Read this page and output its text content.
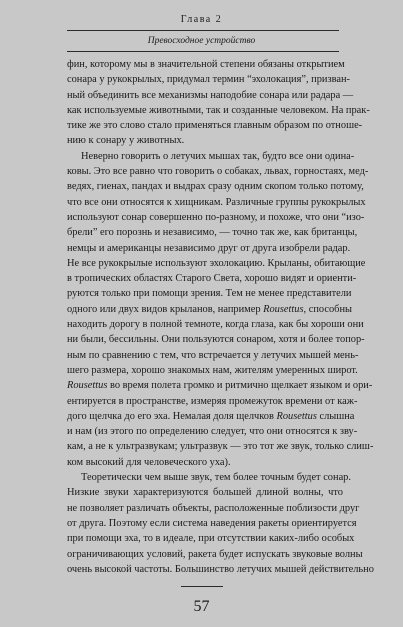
Глава 2
Превосходное устройство
фин, которому мы в значительной степени обязаны открытием
сонара у рукокрылых, придумал термин “эхолокация”, призван-
ный объединить все механизмы наподобие сонара или радара —
как используемые животными, так и созданные человеком. На прак-
тике же это слово стало применяться главным образом по отноше-
нию к сонару у животных.
Неверно говорить о летучих мышах так, будто все они одина-
ковы. Это все равно что говорить о собаках, львах, горностаях, мед-
ведях, гиенах, пандах и выдрах сразу одним скопом только потому,
что все они относятся к хищникам. Различные группы рукокрылых
используют сонар совершенно по-разному, и похоже, что они “изо-
брели” его порознь и независимо, — точно так же, как британцы,
немцы и американцы независимо друг от друга изобрели радар.
Не все рукокрылые используют эхолокацию. Крыланы, обитающие
в тропических областях Старого Света, хорошо видят и ориенти-
руются только при помощи зрения. Тем не менее представители
одного или двух видов крыланов, например Rousettus, способны
находить дорогу в полной темноте, когда глаза, как бы хороши они
ни были, бессильны. Они пользуются сонаром, хотя и более топор-
ным по сравнению с тем, что встречается у летучих мышей мень-
шего размера, хорошо знакомых нам, жителям умеренных широт.
Rousettus во время полета громко и ритмично щелкает языком и ори-
ентируется в пространстве, измеряя промежуток времени от каж-
дого щелчка до его эха. Немалая доля щелчков Rousettus слышна
и нам (из этого по определению следует, что они относятся к зву-
кам, а не к ультразвукам; ультразвук — это тот же звук, только слиш-
ком высокий для человеческого уха).
Теоретически чем выше звук, тем более точным будет сонар.
Низкие звуки характеризуются большей длиной волны, что
не позволяет различать объекты, расположенные поблизости друг
от друга. Поэтому если система наведения ракеты ориентируется
при помощи эха, то в идеале, при отсутствии каких-либо особых
ограничивающих условий, ракета будет испускать звуковые волны
очень высокой частоты. Большинство летучих мышей действительно
57
